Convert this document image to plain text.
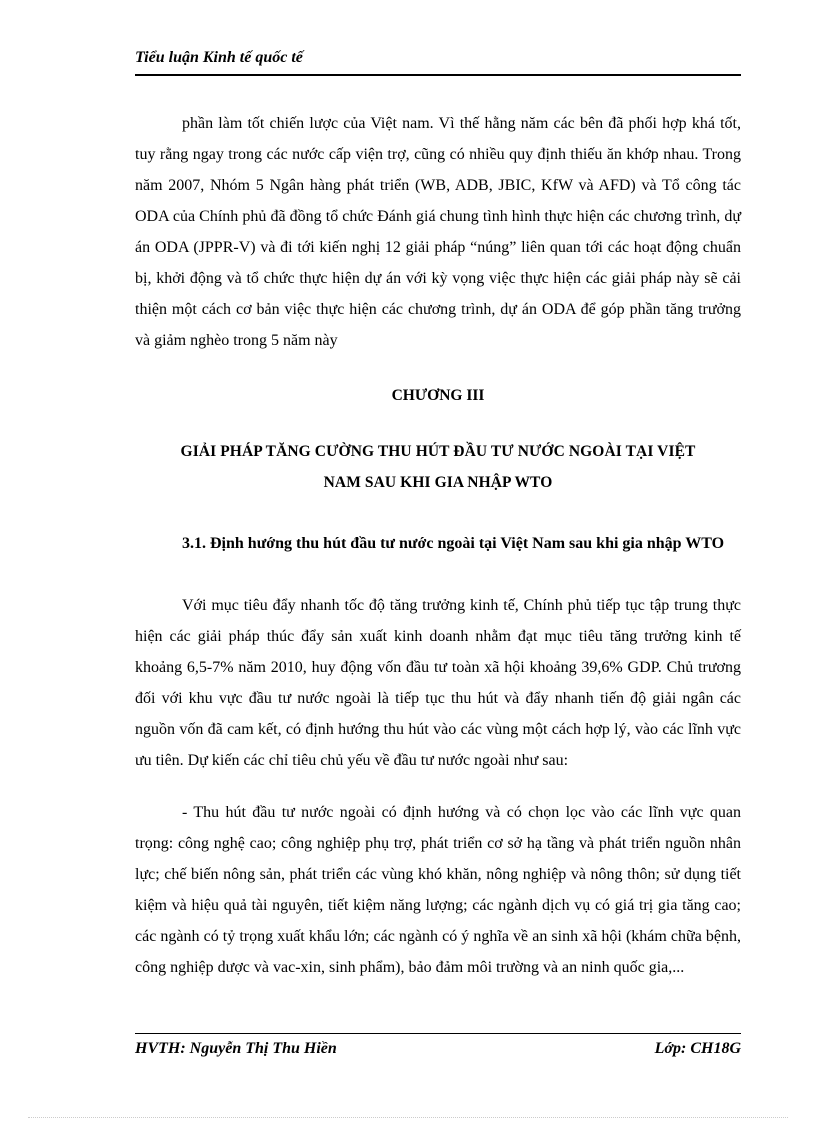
Tiểu luận Kinh tế quốc tế
phần làm tốt chiến lược của Việt nam. Vì thế hằng năm các bên đã phối hợp khá tốt, tuy rằng ngay trong các nước cấp viện trợ, cũng có nhiều quy định thiếu ăn khớp nhau. Trong năm 2007, Nhóm 5 Ngân hàng phát triển (WB, ADB, JBIC, KfW và AFD) và Tổ công tác ODA của Chính phủ đã đồng tổ chức Đánh giá chung tình hình thực hiện các chương trình, dự án ODA (JPPR-V) và đi tới kiến nghị 12 giải pháp “núng” liên quan tới các hoạt động chuẩn bị, khởi động và tổ chức thực hiện dự án với kỳ vọng việc thực hiện các giải pháp này sẽ cải thiện một cách cơ bản việc thực hiện các chương trình, dự án ODA để góp phần tăng trưởng và giảm nghèo trong 5 năm này
CHƯƠNG III
GIẢI PHÁP TĂNG CƯỜNG THU HÚT ĐẦU TƯ NƯỚC NGOÀI TẠI VIỆT
NAM SAU KHI GIA NHẬP WTO
3.1. Định hướng thu hút đầu tư nước ngoài tại Việt Nam sau khi gia nhập WTO
Với mục tiêu đẩy nhanh tốc độ tăng trưởng kinh tế, Chính phủ tiếp tục tập trung thực hiện các giải pháp thúc đẩy sản xuất kinh doanh nhằm đạt mục tiêu tăng trưởng kinh tế khoảng 6,5-7% năm 2010, huy động vốn đầu tư toàn xã hội khoảng 39,6% GDP. Chủ trương đối với khu vực đầu tư nước ngoài là tiếp tục thu hút và đẩy nhanh tiến độ giải ngân các nguồn vốn đã cam kết, có định hướng thu hút vào các vùng một cách hợp lý, vào các lĩnh vực ưu tiên. Dự kiến các chỉ tiêu chủ yếu về đầu tư nước ngoài như sau:
- Thu hút đầu tư nước ngoài có định hướng và có chọn lọc vào các lĩnh vực quan trọng: công nghệ cao; công nghiệp phụ trợ, phát triển cơ sở hạ tầng và phát triển nguồn nhân lực; chế biến nông sản, phát triển các vùng khó khăn, nông nghiệp và nông thôn; sử dụng tiết kiệm và hiệu quả tài nguyên, tiết kiệm năng lượng; các ngành dịch vụ có giá trị gia tăng cao; các ngành có tỷ trọng xuất khẩu lớn; các ngành có ý nghĩa về an sinh xã hội (khám chữa bệnh, công nghiệp dược và vac-xin, sinh phẩm), bảo đảm môi trường và an ninh quốc gia,...
HVTH: Nguyễn Thị Thu Hiền	Lớp: CH18G
